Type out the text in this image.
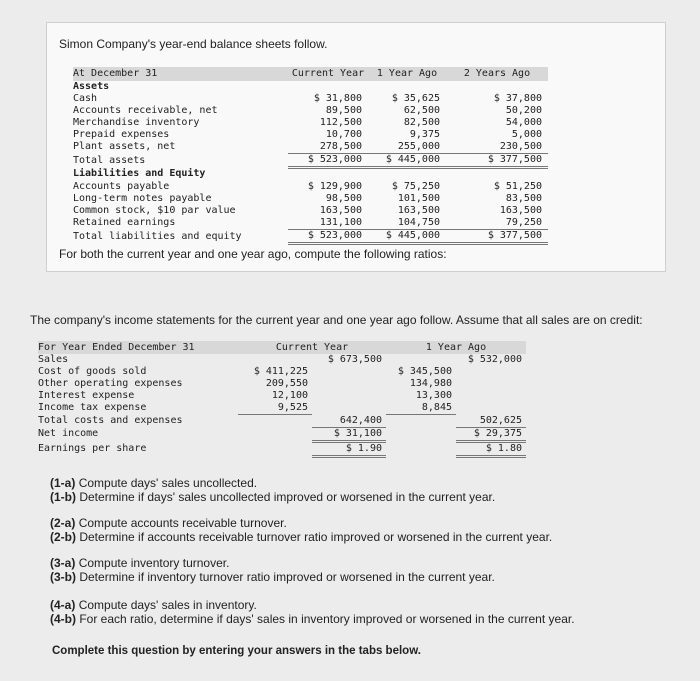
Simon Company's year-end balance sheets follow.
At December 31	Current Year	1 Year Ago	2 Years Ago
Assets			
Cash	$ 31,800	$ 35,625	$ 37,800
Accounts receivable, net	89,500	62,500	50,200
Merchandise inventory	112,500	82,500	54,000
Prepaid expenses	10,700	9,375	5,000
Plant assets, net	278,500	255,000	230,500
Total assets	$ 523,000	$ 445,000	$ 377,500
Liabilities and Equity			
Accounts payable	$ 129,900	$ 75,250	$ 51,250
Long-term notes payable	98,500	101,500	83,500
Common stock, $10 par value	163,500	163,500	163,500
Retained earnings	131,100	104,750	79,250
Total liabilities and equity	$ 523,000	$ 445,000	$ 377,500
For both the current year and one year ago, compute the following ratios:
The company's income statements for the current year and one year ago follow. Assume that all sales are on credit:
For Year Ended December 31	Current Year		1 Year Ago	
Sales		$ 673,500		$ 532,000
Cost of goods sold	$ 411,225		$ 345,500	
Other operating expenses	209,550		134,980	
Interest expense	12,100		13,300	
Income tax expense	9,525		8,845	
Total costs and expenses		642,400		502,625
Net income		$ 31,100		$ 29,375
Earnings per share		$ 1.90		$ 1.80
(1-a) Compute days' sales uncollected.
(1-b) Determine if days' sales uncollected improved or worsened in the current year.
(2-a) Compute accounts receivable turnover.
(2-b) Determine if accounts receivable turnover ratio improved or worsened in the current year.
(3-a) Compute inventory turnover.
(3-b) Determine if inventory turnover ratio improved or worsened in the current year.
(4-a) Compute days' sales in inventory.
(4-b) For each ratio, determine if days' sales in inventory improved or worsened in the current year.
Complete this question by entering your answers in the tabs below.
